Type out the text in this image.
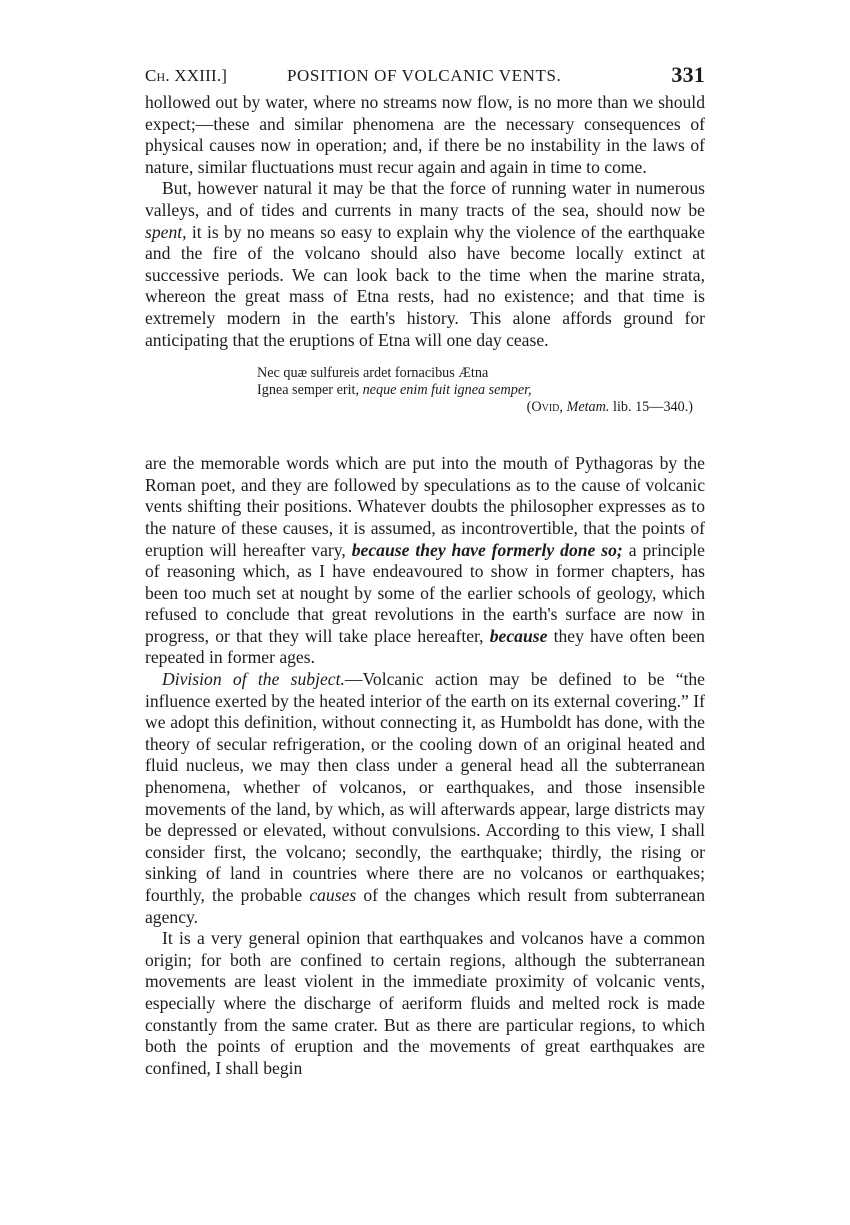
Ch. XXIII.]	POSITION OF VOLCANIC VENTS.	331

hollowed out by water, where no streams now flow, is no more than we should expect;—these and similar phenomena are the necessary consequences of physical causes now in operation; and, if there be no instability in the laws of nature, similar fluctuations must recur again and again in time to come.

But, however natural it may be that the force of running water in numerous valleys, and of tides and currents in many tracts of the sea, should now be spent, it is by no means so easy to explain why the violence of the earthquake and the fire of the volcano should also have become locally extinct at successive periods. We can look back to the time when the marine strata, whereon the great mass of Etna rests, had no existence; and that time is extremely modern in the earth's history. This alone affords ground for anticipating that the eruptions of Etna will one day cease.

Nec quæ sulfureis ardet fornacibus Ætna
Ignea semper erit, neque enim fuit ignea semper,
(Ovid, Metam. lib. 15—340.)

are the memorable words which are put into the mouth of Pythagoras by the Roman poet, and they are followed by speculations as to the cause of volcanic vents shifting their positions. Whatever doubts the philosopher expresses as to the nature of these causes, it is assumed, as incontrovertible, that the points of eruption will hereafter vary, because they have formerly done so; a principle of reasoning which, as I have endeavoured to show in former chapters, has been too much set at nought by some of the earlier schools of geology, which refused to conclude that great revolutions in the earth's surface are now in progress, or that they will take place hereafter, because they have often been repeated in former ages.

Division of the subject.—Volcanic action may be defined to be “the influence exerted by the heated interior of the earth on its external covering.” If we adopt this definition, without connecting it, as Humboldt has done, with the theory of secular refrigeration, or the cooling down of an original heated and fluid nucleus, we may then class under a general head all the subterranean phenomena, whether of volcanos, or earthquakes, and those insensible movements of the land, by which, as will afterwards appear, large districts may be depressed or elevated, without convulsions. According to this view, I shall consider first, the volcano; secondly, the earthquake; thirdly, the rising or sinking of land in countries where there are no volcanos or earthquakes; fourthly, the probable causes of the changes which result from subterranean agency.

It is a very general opinion that earthquakes and volcanos have a common origin; for both are confined to certain regions, although the subterranean movements are least violent in the immediate proximity of volcanic vents, especially where the discharge of aeriform fluids and melted rock is made constantly from the same crater. But as there are particular regions, to which both the points of eruption and the movements of great earthquakes are confined, I shall begin
